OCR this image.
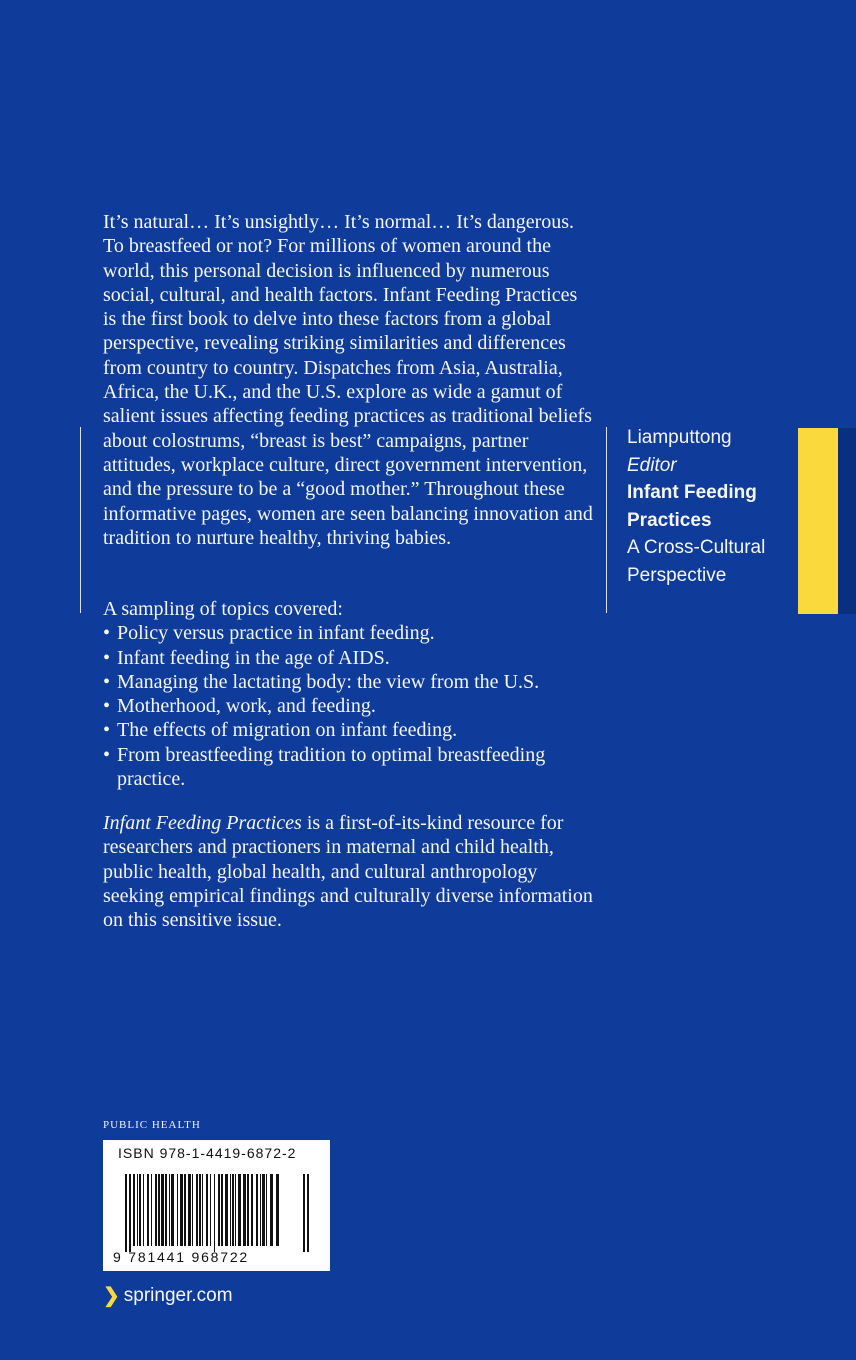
It’s natural… It’s unsightly… It’s normal… It’s dangerous. To breastfeed or not? For millions of women around the world, this personal decision is influenced by numerous social, cultural, and health factors. Infant Feeding Practices is the first book to delve into these factors from a global perspective, revealing striking similarities and differences from country to country. Dispatches from Asia, Australia, Africa, the U.K., and the U.S. explore as wide a gamut of salient issues affecting feeding practices as traditional beliefs about colostrums, “breast is best” campaigns, partner attitudes, workplace culture, direct government intervention, and the pressure to be a “good mother.” Throughout these informative pages, women are seen balancing innovation and tradition to nurture healthy, thriving babies.

A sampling of topics covered:

• Policy versus practice in infant feeding.
• Infant feeding in the age of AIDS.
• Managing the lactating body: the view from the U.S.
• Motherhood, work, and feeding.
• The effects of migration on infant feeding.
• From breastfeeding tradition to optimal breastfeeding practice.

Infant Feeding Practices is a first-of-its-kind resource for researchers and practioners in maternal and child health, public health, global health, and cultural anthropology seeking empirical findings and culturally diverse information on this sensitive issue.

Liamputtong
Editor
Infant Feeding
Practices
A Cross-Cultural
Perspective
PUBLIC HEALTH
ISBN 978-1-4419-6872-2
9 781441 968722
❯ springer.com
